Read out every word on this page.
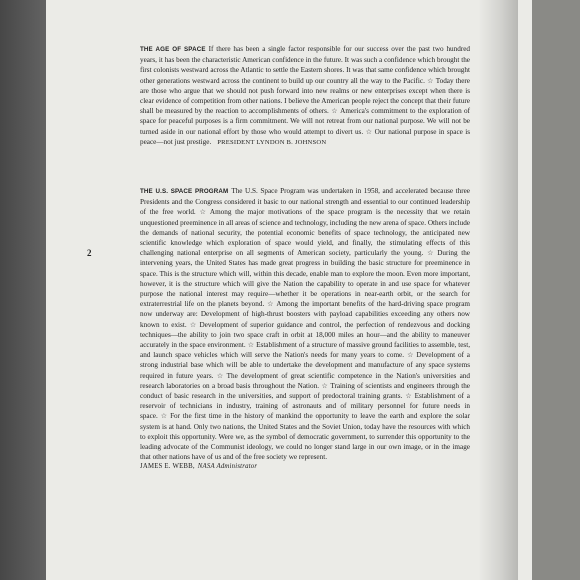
2
THE AGE OF SPACE If there has been a single factor responsible for our success over the past two hundred years, it has been the characteristic American confidence in the future. It was such a confidence which brought the first colonists westward across the Atlantic to settle the Eastern shores. It was that same confidence which brought other generations westward across the continent to build up our country all the way to the Pacific. ☆ Today there are those who argue that we should not push forward into new realms or new enterprises except when there is clear evidence of competition from other nations. I believe the American people reject the concept that their future shall be measured by the reaction to accomplishments of others. ☆ America's commitment to the exploration of space for peaceful purposes is a firm commitment. We will not retreat from our national purpose. We will not be turned aside in our national effort by those who would attempt to divert us. ☆ Our national purpose in space is peace—not just prestige. PRESIDENT LYNDON B. JOHNSON
THE U.S. SPACE PROGRAM The U.S. Space Program was undertaken in 1958, and accelerated because three Presidents and the Congress considered it basic to our national strength and essential to our continued leadership of the free world. ☆ Among the major motivations of the space program is the necessity that we retain unquestioned preeminence in all areas of science and technology, including the new arena of space. Others include the demands of national security, the potential economic benefits of space technology, the anticipated new scientific knowledge which exploration of space would yield, and finally, the stimulating effects of this challenging national enterprise on all segments of American society, particularly the young. ☆ During the intervening years, the United States has made great progress in building the basic structure for preeminence in space. This is the structure which will, within this decade, enable man to explore the moon. Even more important, however, it is the structure which will give the Nation the capability to operate in and use space for whatever purpose the national interest may require—whether it be operations in near-earth orbit, or the search for extraterrestrial life on the planets beyond. ☆ Among the important benefits of the hard-driving space program now underway are: Development of high-thrust boosters with payload capabilities exceeding any others now known to exist. ☆ Development of superior guidance and control, the perfection of rendezvous and docking techniques—the ability to join two space craft in orbit at 18,000 miles an hour—and the ability to maneuver accurately in the space environment. ☆ Establishment of a structure of massive ground facilities to assemble, test, and launch space vehicles which will serve the Nation's needs for many years to come. ☆ Development of a strong industrial base which will be able to undertake the development and manufacture of any space systems required in future years. ☆ The development of great scientific competence in the Nation's universities and research laboratories on a broad basis throughout the Nation. ☆ Training of scientists and engineers through the conduct of basic research in the universities, and support of predoctoral training grants. ☆ Establishment of a reservoir of technicians in industry, training of astronauts and of military personnel for future needs in space. ☆ For the first time in the history of mankind the opportunity to leave the earth and explore the solar system is at hand. Only two nations, the United States and the Soviet Union, today have the resources with which to exploit this opportunity. Were we, as the symbol of democratic government, to surrender this opportunity to the leading advocate of the Communist ideology, we could no longer stand large in our own image, or in the image that other nations have of us and of the free society we represent.
JAMES E. WEBB, NASA Administrator
